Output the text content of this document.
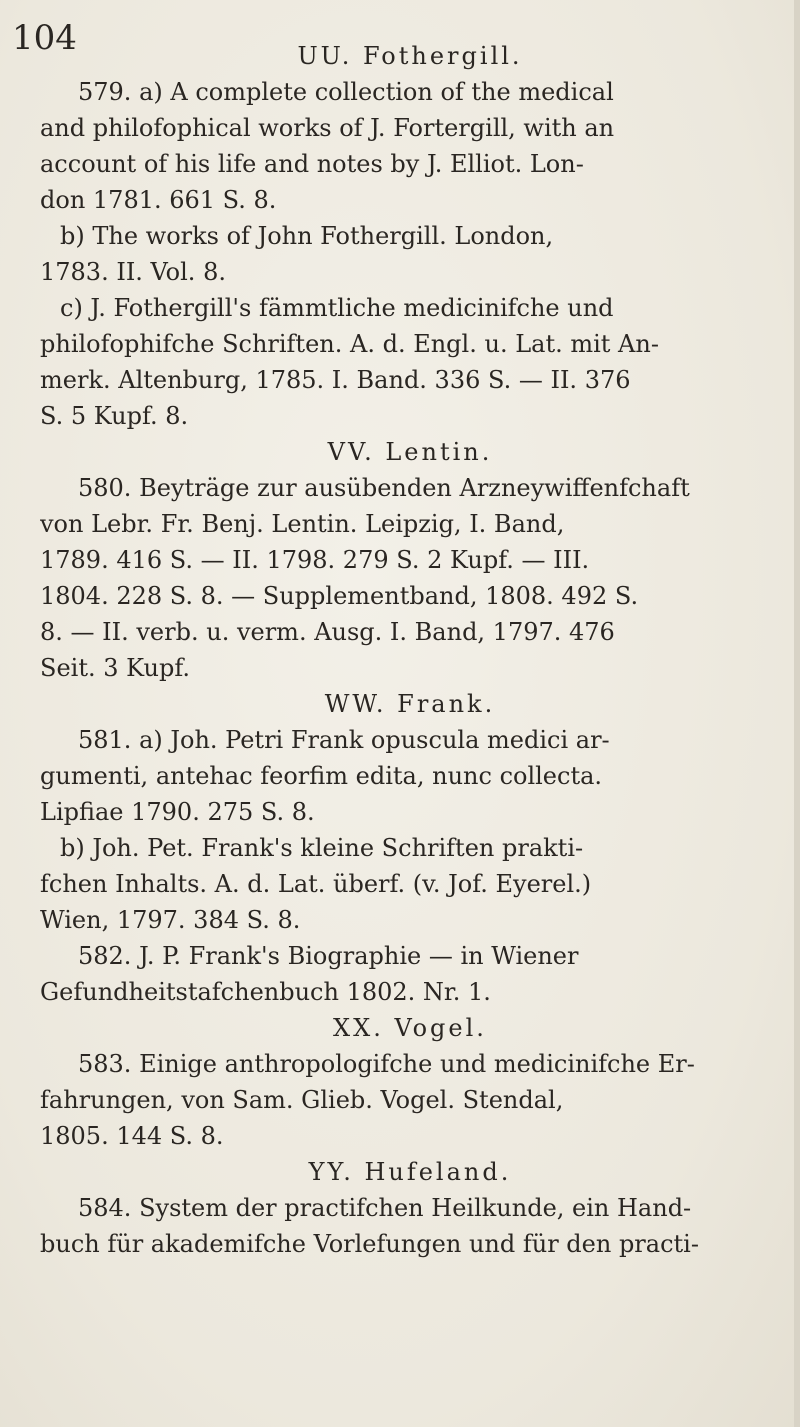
104	UU. Fothergill.
579. a) A complete collection of the medical
and philofophical works of J. Fortergill, with an
account of his life and notes by J. Elliot. Lon-
don 1781. 661 S. 8.
b) The works of John Fothergill. London,
1783. II. Vol. 8.
c) J. Fothergill's fämmtliche medicinifche und
philofophifche Schriften. A. d. Engl. u. Lat. mit An-
merk. Altenburg, 1785. I. Band. 336 S. — II. 376
S. 5 Kupf. 8.
VV. Lentin.
580. Beyträge zur ausübenden Arzneywiffenfchaft
von Lebr. Fr. Benj. Lentin. Leipzig, I. Band,
1789. 416 S. — II. 1798. 279 S. 2 Kupf. — III.
1804. 228 S. 8. — Supplementband, 1808. 492 S.
8. — II. verb. u. verm. Ausg. I. Band, 1797. 476
Seit. 3 Kupf.
WW. Frank.
581. a) Joh. Petri Frank opuscula medici ar-
gumenti, antehac feorfim edita, nunc collecta.
Lipfiae 1790. 275 S. 8.
b) Joh. Pet. Frank's kleine Schriften prakti-
fchen Inhalts. A. d. Lat. überf. (v. Jof. Eyerel.)
Wien, 1797. 384 S. 8.
582. J. P. Frank's Biographie — in Wiener
Gefundheitstafchenbuch 1802. Nr. 1.
XX. Vogel.
583. Einige anthropologifche und medicinifche Er-
fahrungen, von Sam. Glieb. Vogel. Stendal,
1805. 144 S. 8.
YY. Hufeland.
584. System der practifchen Heilkunde, ein Hand-
buch für akademifche Vorlefungen und für den practi-
